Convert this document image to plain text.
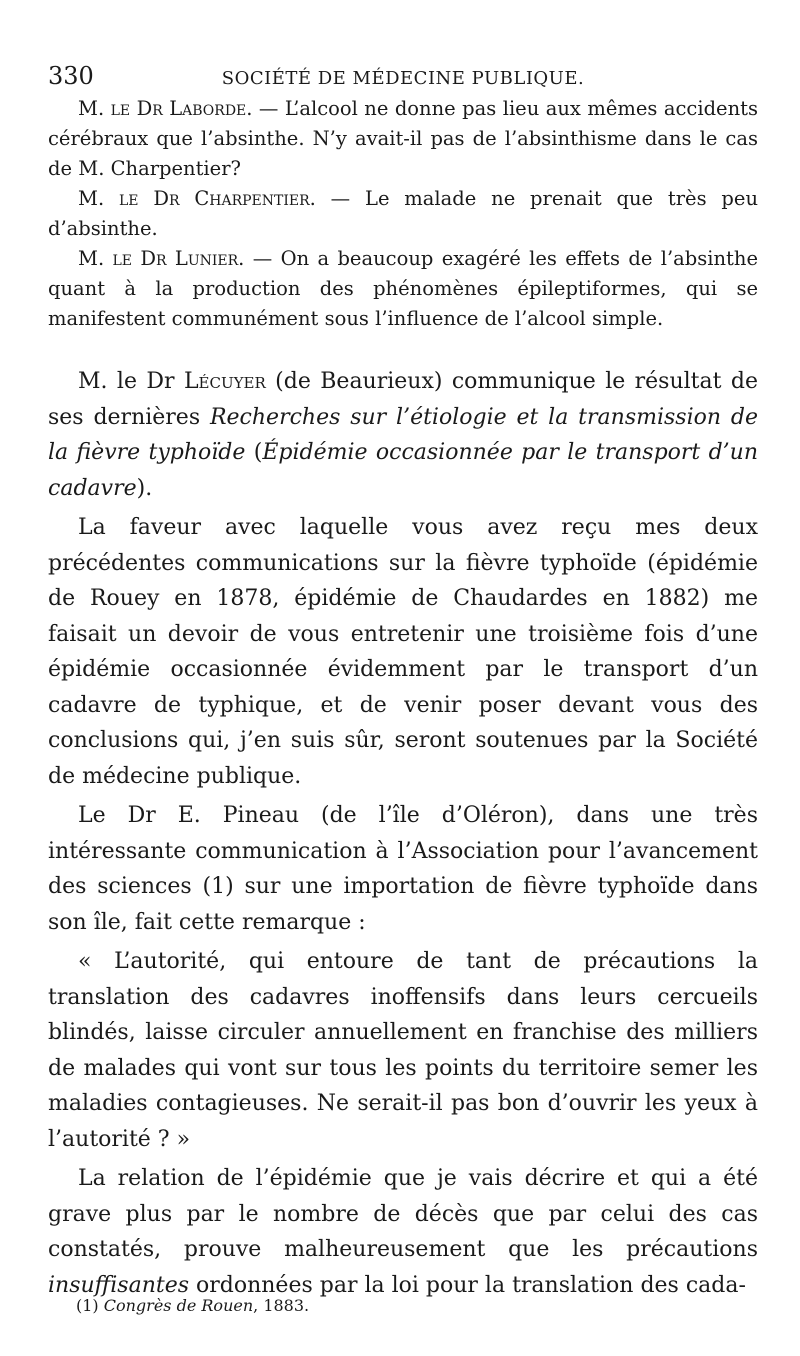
330	SOCIÉTÉ DE MÉDECINE PUBLIQUE.

M. le Dr Laborde. — L’alcool ne donne pas lieu aux mêmes accidents cérébraux que l’absinthe. N’y avait-il pas de l’absinthisme dans le cas de M. Charpentier?

M. le Dr Charpentier. — Le malade ne prenait que très peu d’absinthe.

M. le Dr Lunier. — On a beaucoup exagéré les effets de l’absinthe quant à la production des phénomènes épileptiformes, qui se manifestent communément sous l’influence de l’alcool simple.

M. le Dr Lécuyer (de Beaurieux) communique le résultat de ses dernières Recherches sur l’étiologie et la transmission de la fièvre typhoïde (Épidémie occasionnée par le transport d’un cadavre).

La faveur avec laquelle vous avez reçu mes deux précédentes communications sur la fièvre typhoïde (épidémie de Rouey en 1878, épidémie de Chaudardes en 1882) me faisait un devoir de vous entretenir une troisième fois d’une épidémie occasionnée évidemment par le transport d’un cadavre de typhique, et de venir poser devant vous des conclusions qui, j’en suis sûr, seront soutenues par la Société de médecine publique.

Le Dr E. Pineau (de l’île d’Oléron), dans une très intéressante communication à l’Association pour l’avancement des sciences (1) sur une importation de fièvre typhoïde dans son île, fait cette remarque :

« L’autorité, qui entoure de tant de précautions la translation des cadavres inoffensifs dans leurs cercueils blindés, laisse circuler annuellement en franchise des milliers de malades qui vont sur tous les points du territoire semer les maladies contagieuses. Ne serait-il pas bon d’ouvrir les yeux à l’autorité ? »

La relation de l’épidémie que je vais décrire et qui a été grave plus par le nombre de décès que par celui des cas constatés, prouve malheureusement que les précautions insuffisantes ordonnées par la loi pour la translation des cada-

(1) Congrès de Rouen, 1883.
